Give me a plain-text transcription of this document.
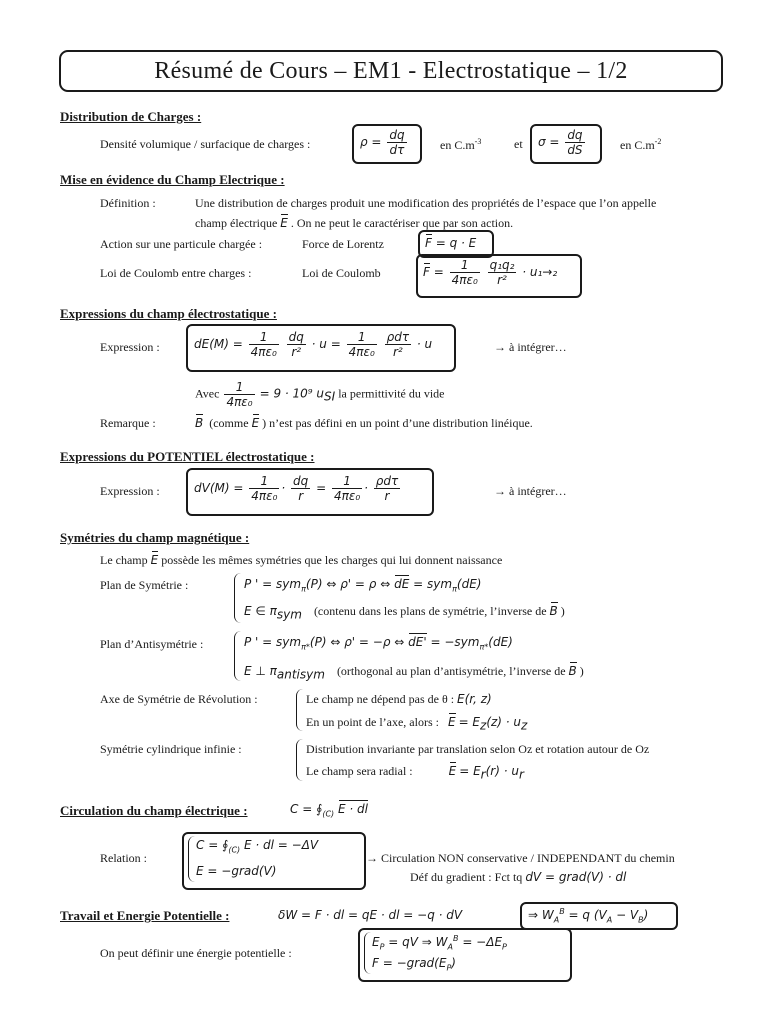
Résumé de Cours – EM1 - Electrostatique – 1/2
Distribution de Charges :
Densité volumique / surfacique de charges :	$\rho = \frac{dq}{d\tau}$	en $C.m^{-3}$	et $\sigma = \frac{dq}{dS}$	en $C.m^{-2}$
Mise en évidence du Champ Electrique :
Définition :	Une distribution de charges produit une modification des propriétés de l’espace que l’on appelle
champ électrique E . On ne peut le caractériser que par son action.
Action sur une particule chargée :	Force de Lorentz	F = q · E
Loi de Coulomb entre charges :	Loi de Coulomb	$F = \frac{1}{\text{4πε₀}}$
$\frac{\text{q₁q₂}}{\text{r²}} \cdot u_1\to_2$
Expressions du champ électrostatique :
Expression :	$dE(M) = \frac{1}{\text{4πε₀}}$
$\frac{dq}{\text{r²}} \cdot u = \frac{1}{\text{4πε₀}}$
$\frac{\text{ρdτ}}{\text{r²}} \cdot u$	→ à intégrer…
Avec $\frac{1}{\text{4πε₀}} = 9 \cdot 10^9$ $u_{SI}$ la permittivité du vide
Remarque :	B (comme E ) n’est pas défini en un point d’une distribution linéique.
Expressions du POTENTIEL électrostatique :
Expression :	$dV(M) = \frac{1}{\text{4πε₀}} \cdot \frac{dq}{r} = \frac{1}{\text{4πε₀}} \cdot \frac{\text{ρdτ}}{r}$	→ à intégrer…
Symétries du champ magnétique :
Le champ E possède les mêmes symétries que les charges qui lui donnent naissance
Plan de Symétrie :	P ' = sym$_\pi$(P) ⇔ ρ' = ρ ⇔ dE = sym$_\pi$(dE)
E ∈ $\pi_{sym}$ (contenu dans les plans de symétrie, l’inverse de B )
Plan d’Antisymétrie :	P ' = sym$_{\pi*}$(P) ⇔ ρ' = −ρ ⇔ dE' = −sym$_{\pi*}$(dE)
E ⊥ $\pi_{antisym}$ (orthogonal au plan d’antisymétrie, l’inverse de B )
Axe de Symétrie de Révolution :	Le champ ne dépend pas de θ : E(r, z)
En un point de l’axe, alors : $E = E_z(z) \cdot u_z$
Symétrie cylindrique infinie :	Distribution invariante par translation selon Oz et rotation autour de Oz
Le champ sera radial :	$E = E_r(r) \cdot u_r$
Circulation du champ électrique :	$C = ∮_{(C)}$ E · dl
Relation :
$C = ∮_{(C)}$ E · dl = −ΔV
E = −grad(V)
→ Circulation NON conservative / INDEPENDANT du chemin
Déf du gradient : Fct tq dV = grad(V) · dl
Travail et Energie Potentielle :	δW = F · dl = qE · dl = −q · dV	⇒ $W_A^B = q$ $(V_A - V_B)$
On peut définir une énergie potentielle :
$E_P$ = qV ⇒ $W_A^B = -\Delta E_P$
$F = -grad(E_P)$
